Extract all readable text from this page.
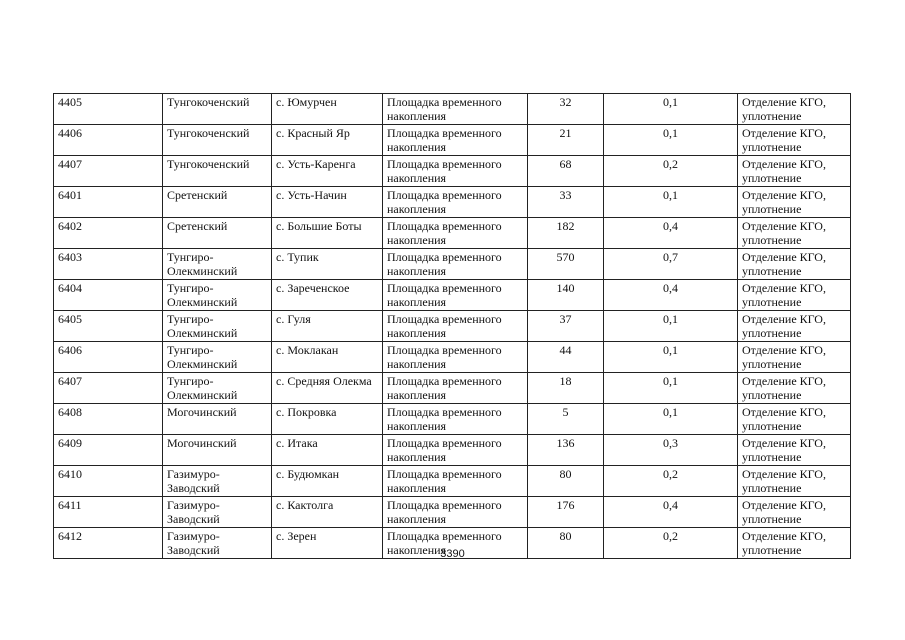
4405	Тунгокоченский	с. Юмурчен	Площадка временного накопления	32	0,1	Отделение КГО, уплотнение
4406	Тунгокоченский	с. Красный Яр	Площадка временного накопления	21	0,1	Отделение КГО, уплотнение
4407	Тунгокоченский	с. Усть-Каренга	Площадка временного накопления	68	0,2	Отделение КГО, уплотнение
6401	Сретенский	с. Усть-Начин	Площадка временного накопления	33	0,1	Отделение КГО, уплотнение
6402	Сретенский	с. Большие Боты	Площадка временного накопления	182	0,4	Отделение КГО, уплотнение
6403	Тунгиро-Олекминский	с. Тупик	Площадка временного накопления	570	0,7	Отделение КГО, уплотнение
6404	Тунгиро-Олекминский	с. Зареченское	Площадка временного накопления	140	0,4	Отделение КГО, уплотнение
6405	Тунгиро-Олекминский	с. Гуля	Площадка временного накопления	37	0,1	Отделение КГО, уплотнение
6406	Тунгиро-Олекминский	с. Моклакан	Площадка временного накопления	44	0,1	Отделение КГО, уплотнение
6407	Тунгиро-Олекминский	с. Средняя Олекма	Площадка временного накопления	18	0,1	Отделение КГО, уплотнение
6408	Могочинский	с. Покровка	Площадка временного накопления	5	0,1	Отделение КГО, уплотнение
6409	Могочинский	с. Итака	Площадка временного накопления	136	0,3	Отделение КГО, уплотнение
6410	Газимуро-Заводский	с. Будюмкан	Площадка временного накопления	80	0,2	Отделение КГО, уплотнение
6411	Газимуро-Заводский	с. Кактолга	Площадка временного накопления	176	0,4	Отделение КГО, уплотнение
6412	Газимуро-Заводский	с. Зерен	Площадка временного накопления	80	0,2	Отделение КГО, уплотнение
3390
